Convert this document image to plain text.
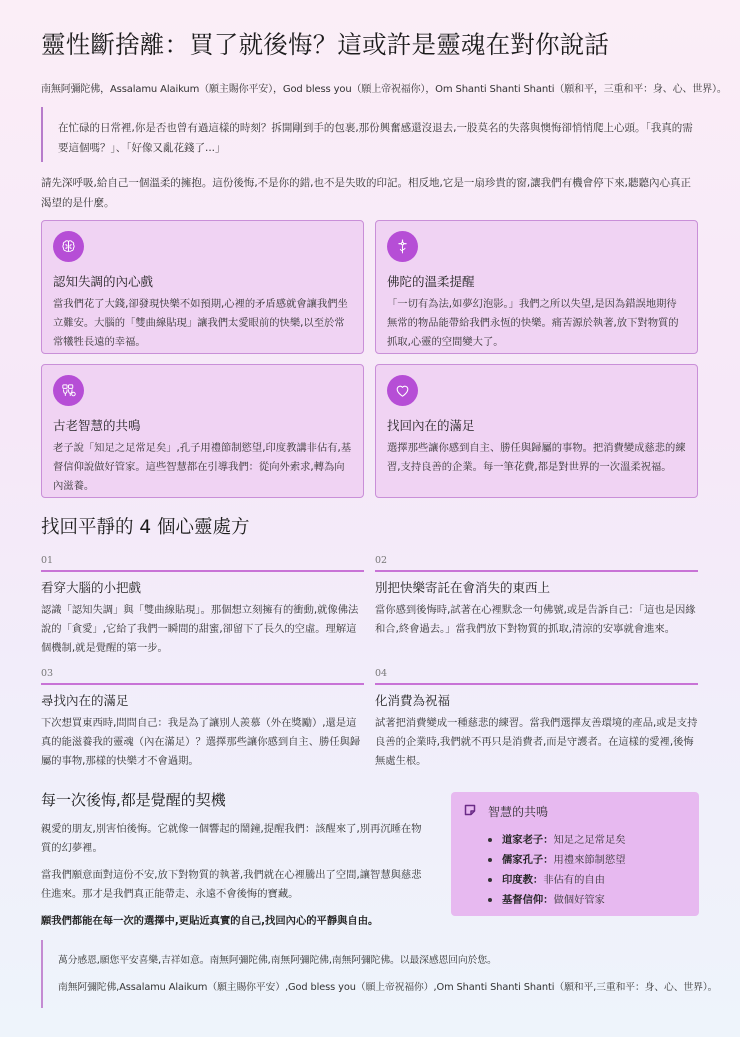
靈性斷捨離：買了就後悔？這或許是靈魂在對你說話

南無阿彌陀佛，Assalamu Alaikum（願主賜你平安），God bless you（願上帝祝福你），Om Shanti Shanti Shanti（願和平，三重和平：身、心、世界）。

在忙碌的日常裡,你是否也曾有過這樣的時刻？拆開剛到手的包裹,那份興奮感還沒退去,一股莫名的失落與懊悔卻悄悄爬上心頭。「我真的需要這個嗎？」、「好像又亂花錢了...」

請先深呼吸,給自己一個溫柔的擁抱。這份後悔,不是你的錯,也不是失敗的印記。相反地,它是一扇珍貴的窗,讓我們有機會停下來,聽聽內心真正渴望的是什麼。

認知失調的內心戲

當我們花了大錢,卻發現快樂不如預期,心裡的矛盾感就會讓我們坐立難安。大腦的「雙曲線貼現」讓我們太愛眼前的快樂,以至於常常犧牲長遠的幸福。

佛陀的溫柔提醒

「一切有為法,如夢幻泡影。」我們之所以失望,是因為錯誤地期待無常的物品能帶給我們永恆的快樂。痛苦源於執著,放下對物質的抓取,心靈的空間變大了。

古老智慧的共鳴

老子說「知足之足常足矣」,孔子用禮節制慾望,印度教講非佔有,基督信仰說做好管家。這些智慧都在引導我們：從向外索求,轉為向內滋養。

找回內在的滿足

選擇那些讓你感到自主、勝任與歸屬的事物。把消費變成慈悲的練習,支持良善的企業。每一筆花費,都是對世界的一次溫柔祝福。

找回平靜的 4 個心靈處方
01
看穿大腦的小把戲

認識「認知失調」與「雙曲線貼現」。那個想立刻擁有的衝動,就像佛法說的「貪愛」,它給了我們一瞬間的甜蜜,卻留下了長久的空虛。理解這個機制,就是覺醒的第一步。

02
別把快樂寄託在會消失的東西上

當你感到後悔時,試著在心裡默念一句佛號,或是告訴自己：「這也是因緣和合,終會過去。」當我們放下對物質的抓取,清涼的安寧就會進來。

03
尋找內在的滿足

下次想買東西時,問問自己：我是為了讓別人羨慕（外在獎勵）,還是這真的能滋養我的靈魂（內在滿足）？選擇那些讓你感到自主、勝任與歸屬的事物,那樣的快樂才不會過期。

04
化消費為祝福

試著把消費變成一種慈悲的練習。當我們選擇友善環境的產品,或是支持良善的企業時,我們就不再只是消費者,而是守護者。在這樣的愛裡,後悔無處生根。

每一次後悔,都是覺醒的契機

親愛的朋友,別害怕後悔。它就像一個響起的鬧鐘,提醒我們：該醒來了,別再沉睡在物質的幻夢裡。

當我們願意面對這份不安,放下對物質的執著,我們就在心裡騰出了空間,讓智慧與慈悲住進來。那才是我們真正能帶走、永遠不會後悔的寶藏。

願我們都能在每一次的選擇中,更貼近真實的自己,找回內心的平靜與自由。

智慧的共鳴
道家老子：知足之足常足矣
儒家孔子：用禮來節制慾望
印度教：非佔有的自由
基督信仰：做個好管家

萬分感恩,願您平安喜樂,吉祥如意。南無阿彌陀佛,南無阿彌陀佛,南無阿彌陀佛。以最深感恩回向於您。

南無阿彌陀佛,Assalamu Alaikum（願主賜你平安）,God bless you（願上帝祝福你）,Om Shanti Shanti Shanti（願和平,三重和平：身、心、世界）。
